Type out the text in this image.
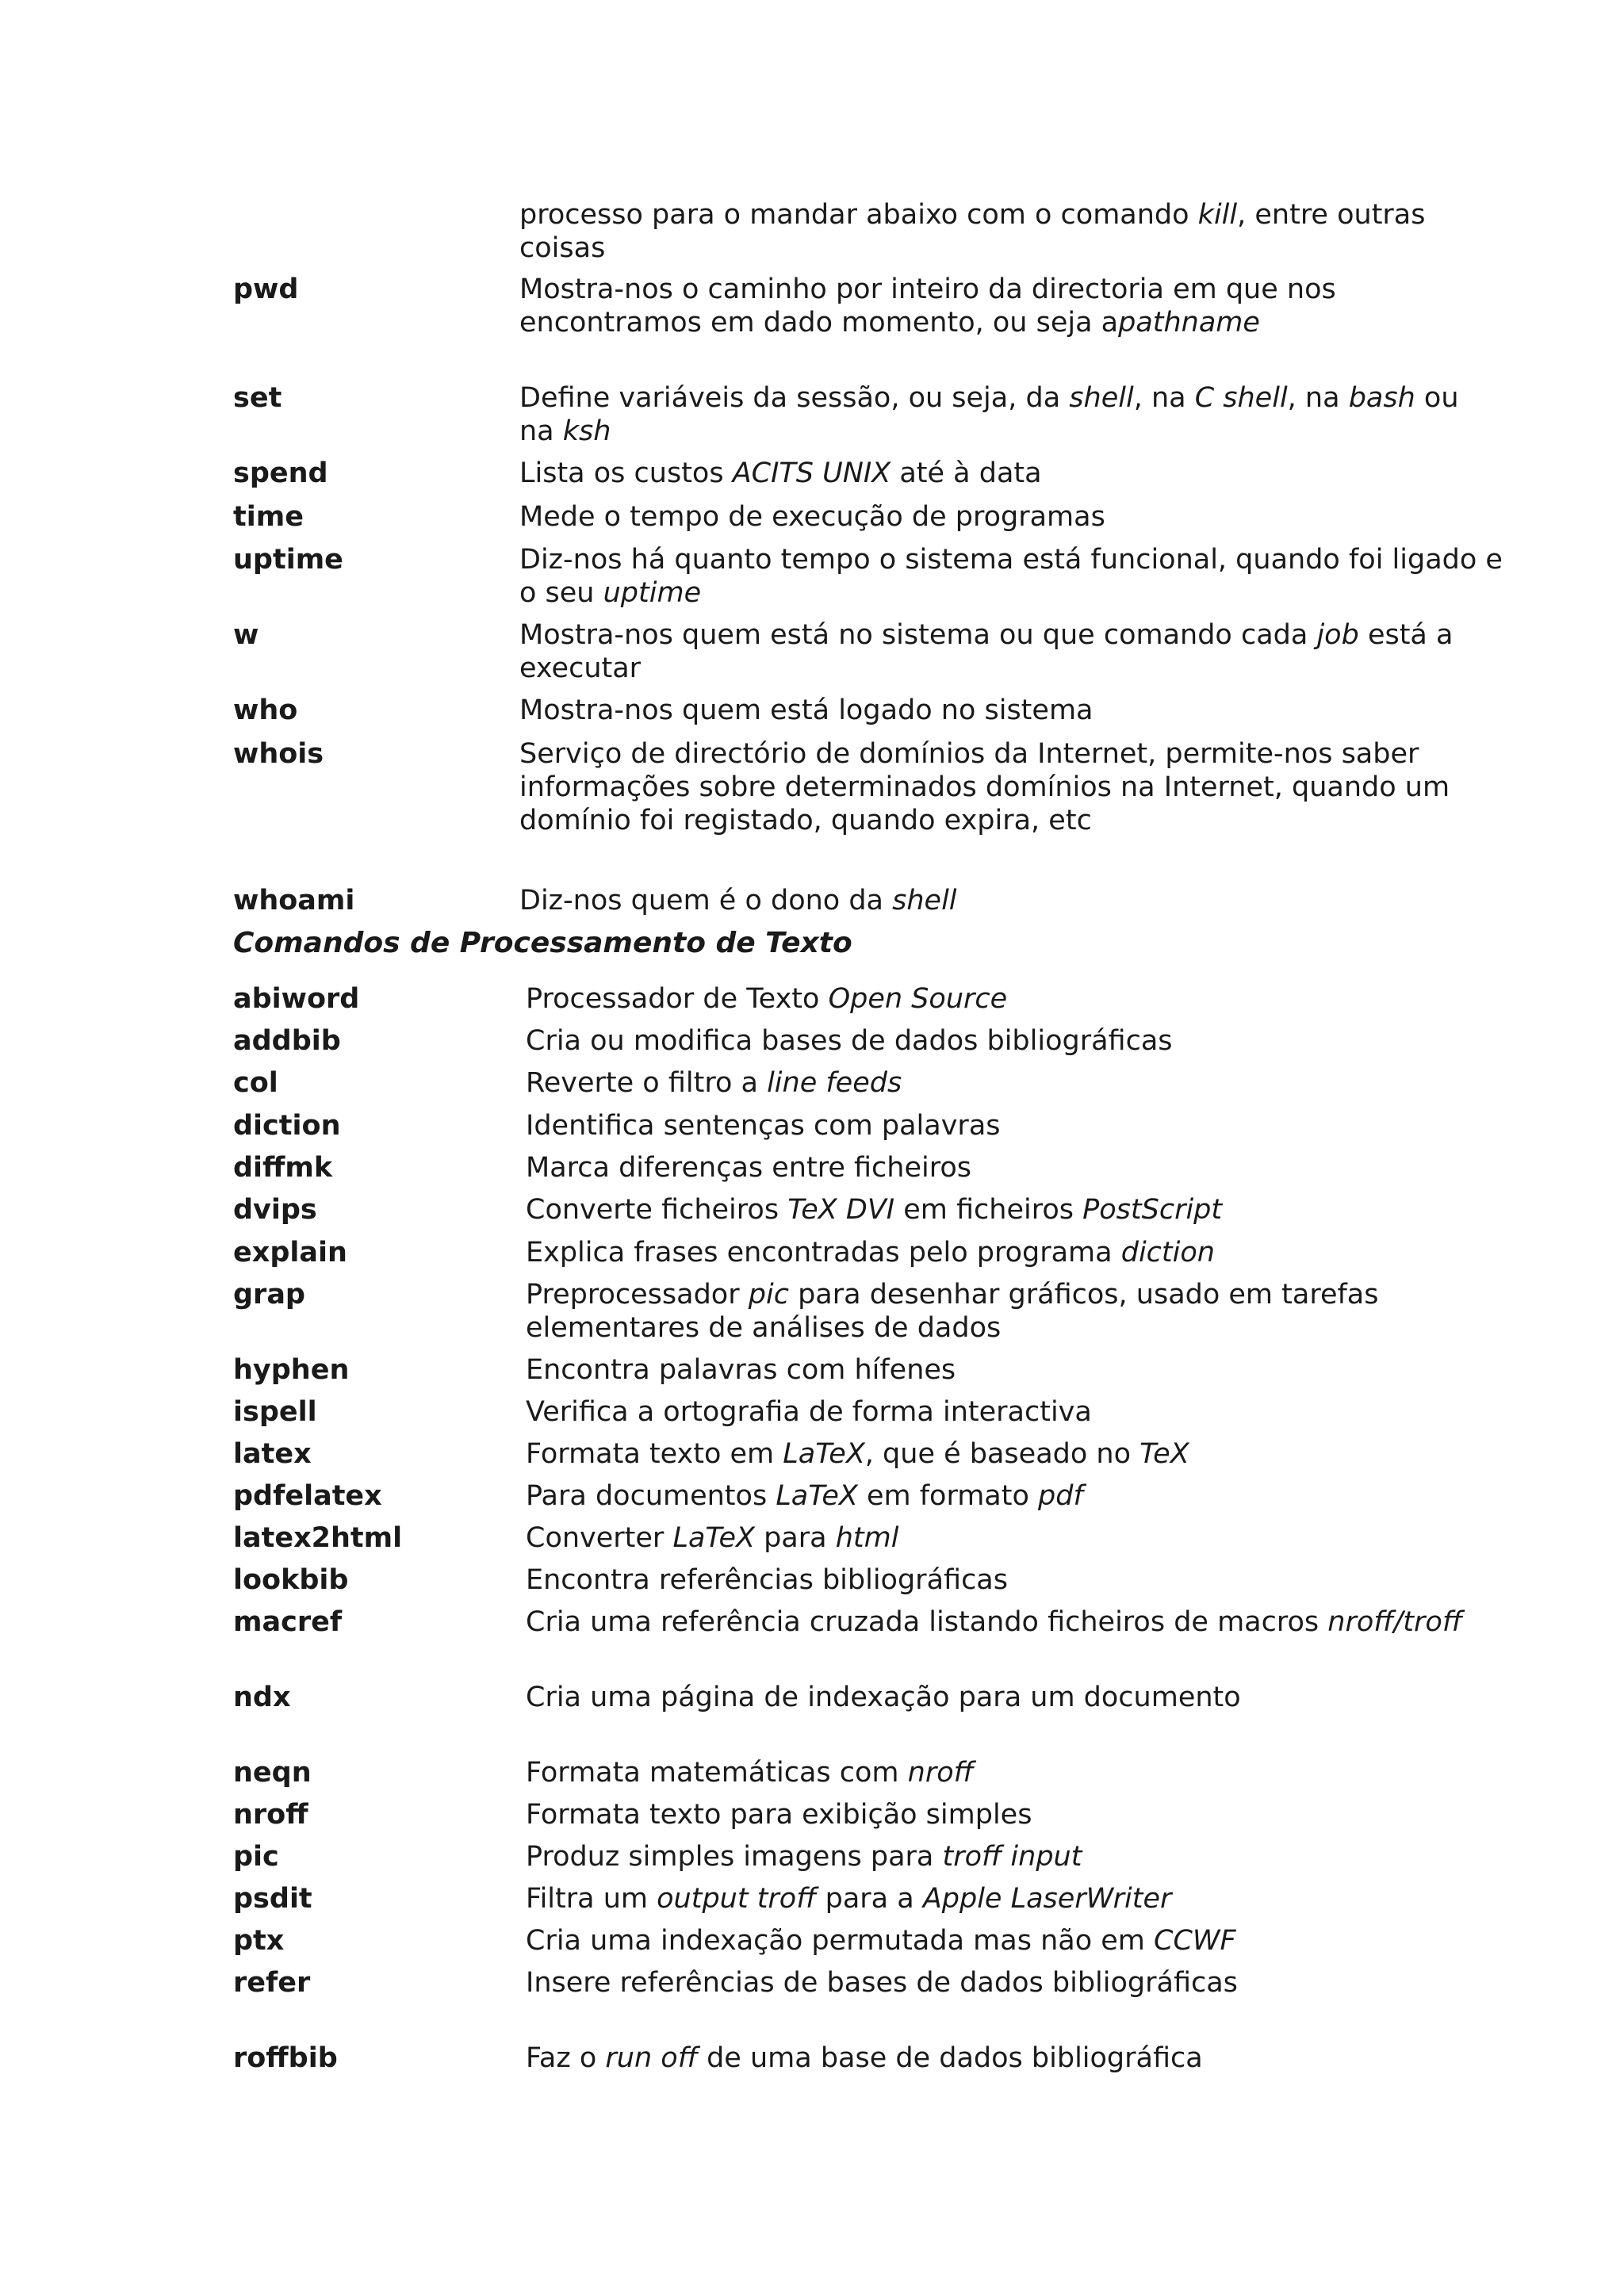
processo para o mandar abaixo com o comando kill, entre outras coisas
pwd	Mostra-nos o caminho por inteiro da directoria em que nos encontramos em dado momento, ou seja apathname
set	Define variáveis da sessão, ou seja, da shell, na C shell, na bash ou na ksh
spend	Lista os custos ACITS UNIX até à data
time	Mede o tempo de execução de programas
uptime	Diz-nos há quanto tempo o sistema está funcional, quando foi ligado e o seu uptime
w	Mostra-nos quem está no sistema ou que comando cada job está a executar
who	Mostra-nos quem está logado no sistema
whois	Serviço de directório de domínios da Internet, permite-nos saber informações sobre determinados domínios na Internet, quando um domínio foi registado, quando expira, etc
whoami	Diz-nos quem é o dono da shell
Comandos de Processamento de Texto
abiword	Processador de Texto Open Source
addbib	Cria ou modifica bases de dados bibliográficas
col	Reverte o filtro a line feeds
diction	Identifica sentenças com palavras
diffmk	Marca diferenças entre ficheiros
dvips	Converte ficheiros TeX DVI em ficheiros PostScript
explain	Explica frases encontradas pelo programa diction
grap	Preprocessador pic para desenhar gráficos, usado em tarefas elementares de análises de dados
hyphen	Encontra palavras com hífenes
ispell	Verifica a ortografia de forma interactiva
latex	Formata texto em LaTeX, que é baseado no TeX
pdfelatex	Para documentos LaTeX em formato pdf
latex2html	Converter LaTeX para html
lookbib	Encontra referências bibliográficas
macref	Cria uma referência cruzada listando ficheiros de macros nroff/troff
ndx	Cria uma página de indexação para um documento
neqn	Formata matemáticas com nroff
nroff	Formata texto para exibição simples
pic	Produz simples imagens para troff input
psdit	Filtra um output troff para a Apple LaserWriter
ptx	Cria uma indexação permutada mas não em CCWF
refer	Insere referências de bases de dados bibliográficas
roffbib	Faz o run off de uma base de dados bibliográfica
